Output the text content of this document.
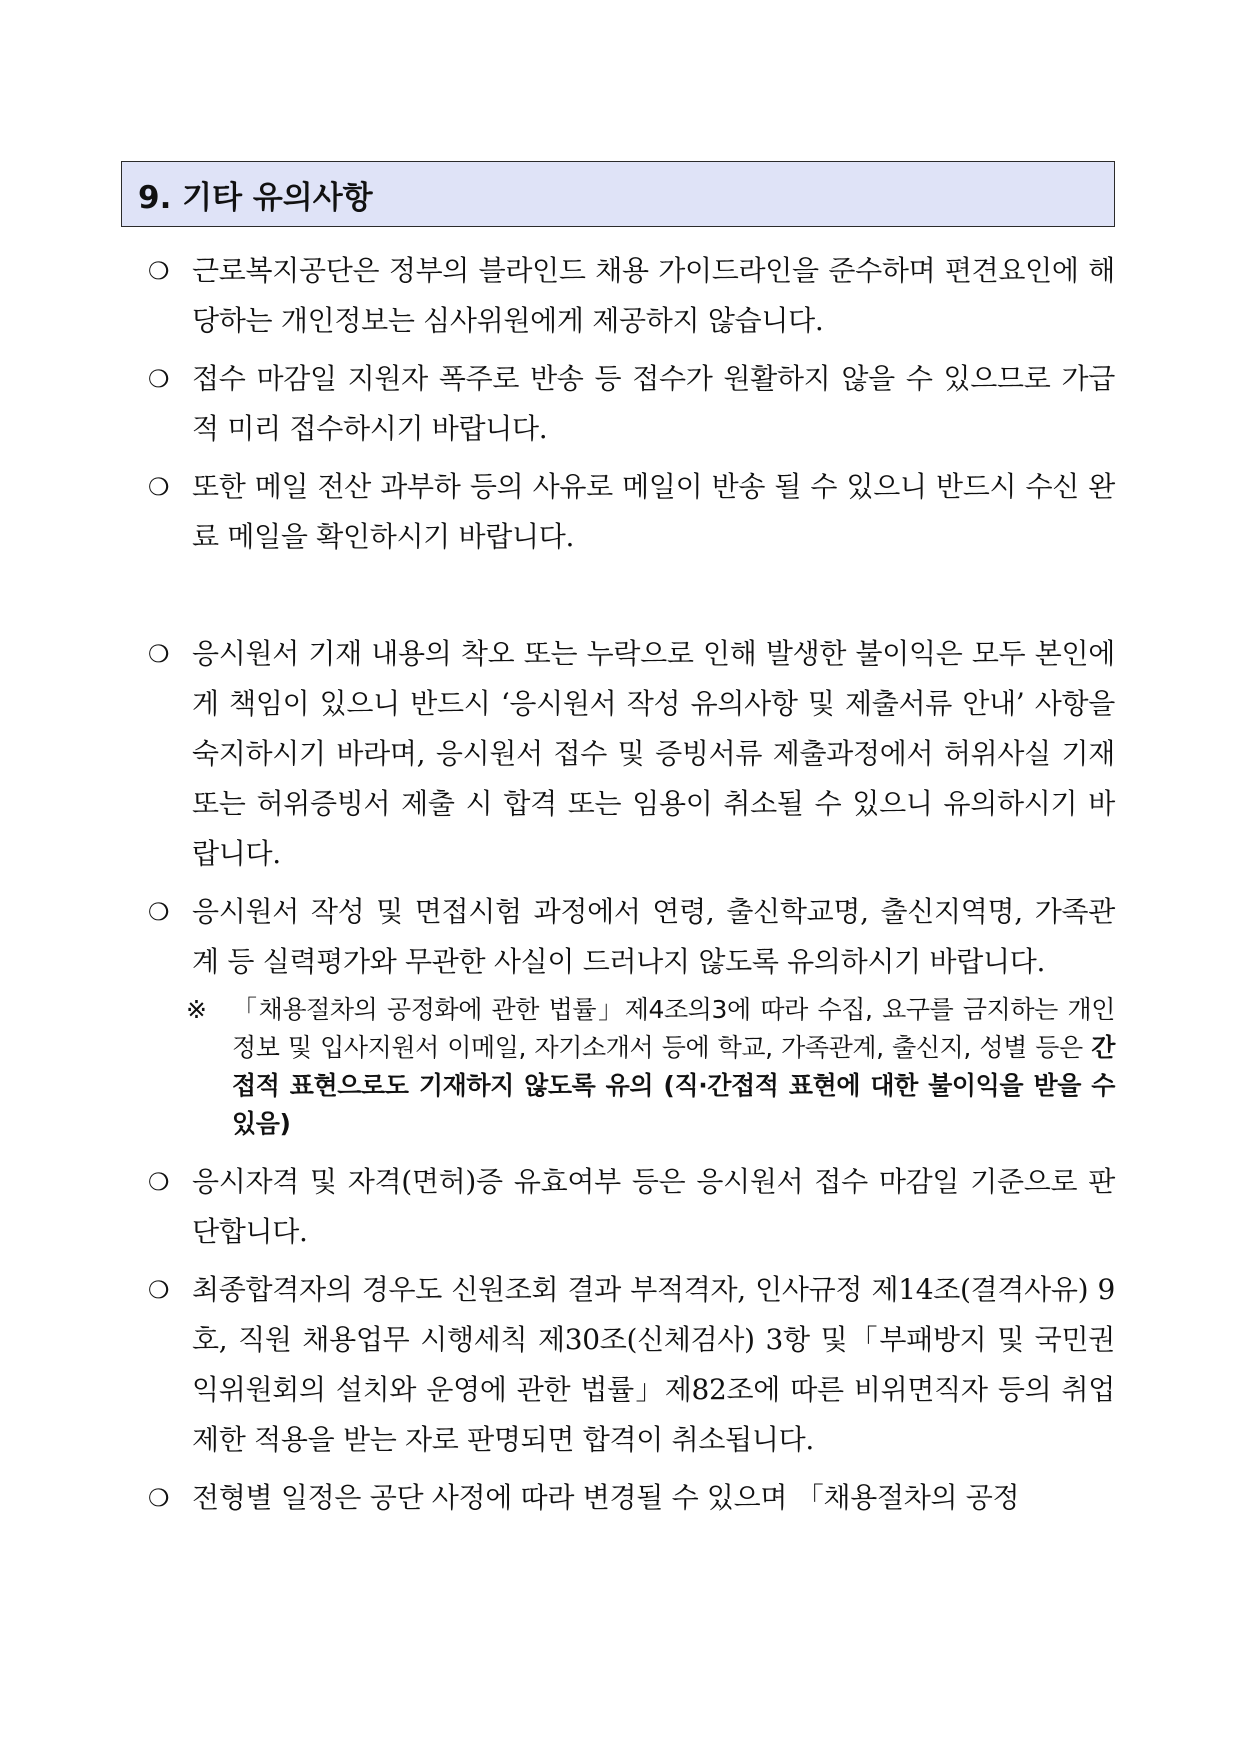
9. 기타 유의사항
❍ 근로복지공단은 정부의 블라인드 채용 가이드라인을 준수하며 편견요인에 해당하는 개인정보는 심사위원에게 제공하지 않습니다.
❍ 접수 마감일 지원자 폭주로 반송 등 접수가 원활하지 않을 수 있으므로 가급적 미리 접수하시기 바랍니다.
❍ 또한 메일 전산 과부하 등의 사유로 메일이 반송 될 수 있으니 반드시 수신 완료 메일을 확인하시기 바랍니다.
❍ 응시원서 기재 내용의 착오 또는 누락으로 인해 발생한 불이익은 모두 본인에게 책임이 있으니 반드시 ‘응시원서 작성 유의사항 및 제출서류 안내’ 사항을 숙지하시기 바라며, 응시원서 접수 및 증빙서류 제출과정에서 허위사실 기재 또는 허위증빙서 제출 시 합격 또는 임용이 취소될 수 있으니 유의하시기 바랍니다.
❍ 응시원서 작성 및 면접시험 과정에서 연령, 출신학교명, 출신지역명, 가족관계 등 실력평가와 무관한 사실이 드러나지 않도록 유의하시기 바랍니다.
※ 「채용절차의 공정화에 관한 법률」제4조의3에 따라 수집, 요구를 금지하는 개인 정보 및 입사지원서 이메일, 자기소개서 등에 학교, 가족관계, 출신지, 성별 등은 간접적 표현으로도 기재하지 않도록 유의 (직·간접적 표현에 대한 불이익을 받을 수 있음)
❍ 응시자격 및 자격(면허)증 유효여부 등은 응시원서 접수 마감일 기준으로 판단합니다.
❍ 최종합격자의 경우도 신원조회 결과 부적격자, 인사규정 제14조(결격사유) 9호, 직원 채용업무 시행세칙 제30조(신체검사) 3항 및「부패방지 및 국민권익위원회의 설치와 운영에 관한 법률」제82조에 따른 비위면직자 등의 취업제한 적용을 받는 자로 판명되면 합격이 취소됩니다.
❍ 전형별 일정은 공단 사정에 따라 변경될 수 있으며 「채용절차의 공정
